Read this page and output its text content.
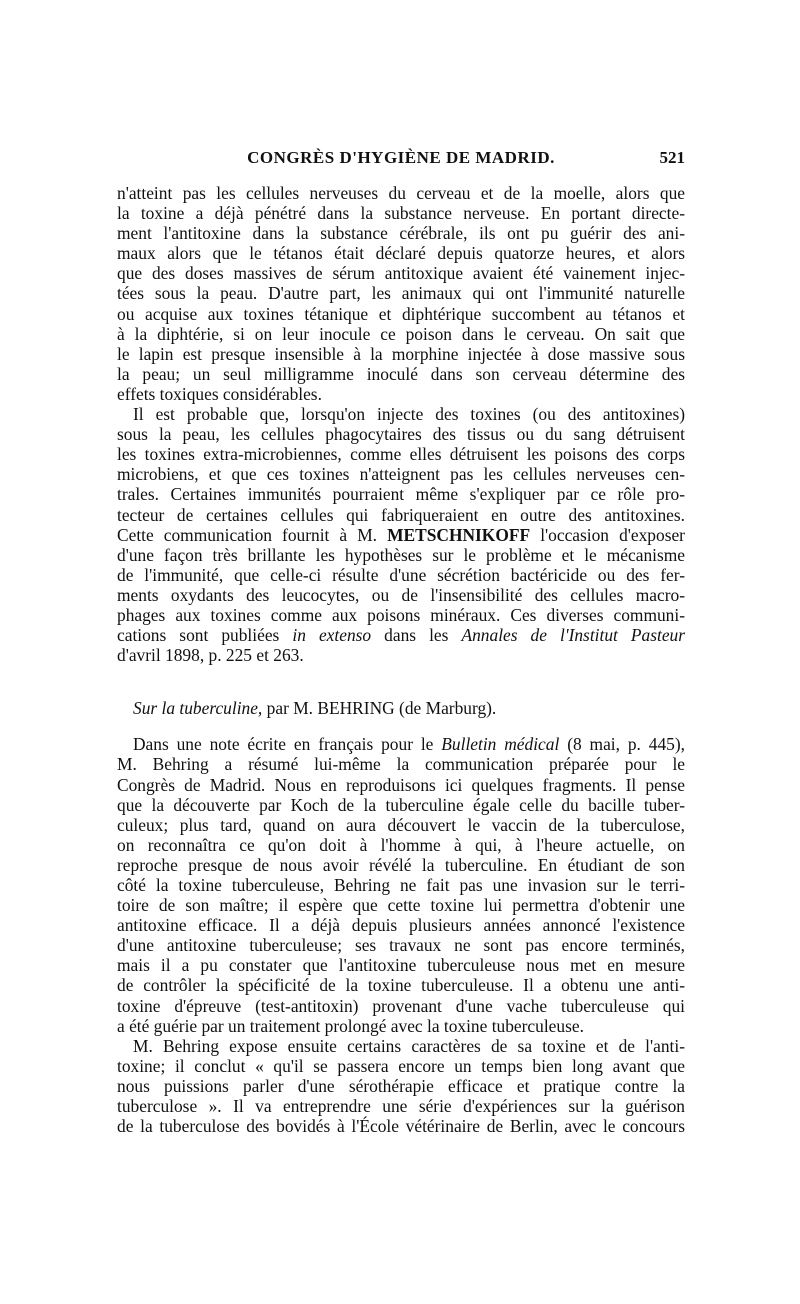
CONGRÈS D'HYGIÈNE DE MADRID.	521
n'atteint pas les cellules nerveuses du cerveau et de la moelle, alors que
la toxine a déjà pénétré dans la substance nerveuse. En portant directe-
ment l'antitoxine dans la substance cérébrale, ils ont pu guérir des ani-
maux alors que le tétanos était déclaré depuis quatorze heures, et alors
que des doses massives de sérum antitoxique avaient été vainement injec-
tées sous la peau. D'autre part, les animaux qui ont l'immunité naturelle
ou acquise aux toxines tétanique et diphtérique succombent au tétanos et
à la diphtérie, si on leur inocule ce poison dans le cerveau. On sait que
le lapin est presque insensible à la morphine injectée à dose massive sous
la peau; un seul milligramme inoculé dans son cerveau détermine des
effets toxiques considérables.
Il est probable que, lorsqu'on injecte des toxines (ou des antitoxines)
sous la peau, les cellules phagocytaires des tissus ou du sang détruisent
les toxines extra-microbiennes, comme elles détruisent les poisons des corps
microbiens, et que ces toxines n'atteignent pas les cellules nerveuses cen-
trales. Certaines immunités pourraient même s'expliquer par ce rôle pro-
tecteur de certaines cellules qui fabriqueraient en outre des antitoxines.
Cette communication fournit à M. METSCHNIKOFF l'occasion d'exposer
d'une façon très brillante les hypothèses sur le problème et le mécanisme
de l'immunité, que celle-ci résulte d'une sécrétion bactéricide ou des fer-
ments oxydants des leucocytes, ou de l'insensibilité des cellules macro-
phages aux toxines comme aux poisons minéraux. Ces diverses communi-
cations sont publiées in extenso dans les Annales de l'Institut Pasteur
d'avril 1898, p. 225 et 263.
Sur la tuberculine, par M. BEHRING (de Marburg).
Dans une note écrite en français pour le Bulletin médical (8 mai, p. 445),
M. Behring a résumé lui-même la communication préparée pour le
Congrès de Madrid. Nous en reproduisons ici quelques fragments. Il pense
que la découverte par Koch de la tuberculine égale celle du bacille tuber-
culeux; plus tard, quand on aura découvert le vaccin de la tuberculose,
on reconnaîtra ce qu'on doit à l'homme à qui, à l'heure actuelle, on
reproche presque de nous avoir révélé la tuberculine. En étudiant de son
côté la toxine tuberculeuse, Behring ne fait pas une invasion sur le terri-
toire de son maître; il espère que cette toxine lui permettra d'obtenir une
antitoxine efficace. Il a déjà depuis plusieurs années annoncé l'existence
d'une antitoxine tuberculeuse; ses travaux ne sont pas encore terminés,
mais il a pu constater que l'antitoxine tuberculeuse nous met en mesure
de contrôler la spécificité de la toxine tuberculeuse. Il a obtenu une anti-
toxine d'épreuve (test-antitoxin) provenant d'une vache tuberculeuse qui
a été guérie par un traitement prolongé avec la toxine tuberculeuse.
M. Behring expose ensuite certains caractères de sa toxine et de l'anti-
toxine; il conclut « qu'il se passera encore un temps bien long avant que
nous puissions parler d'une sérothérapie efficace et pratique contre la
tuberculose ». Il va entreprendre une série d'expériences sur la guérison
de la tuberculose des bovidés à l'École vétérinaire de Berlin, avec le concours
